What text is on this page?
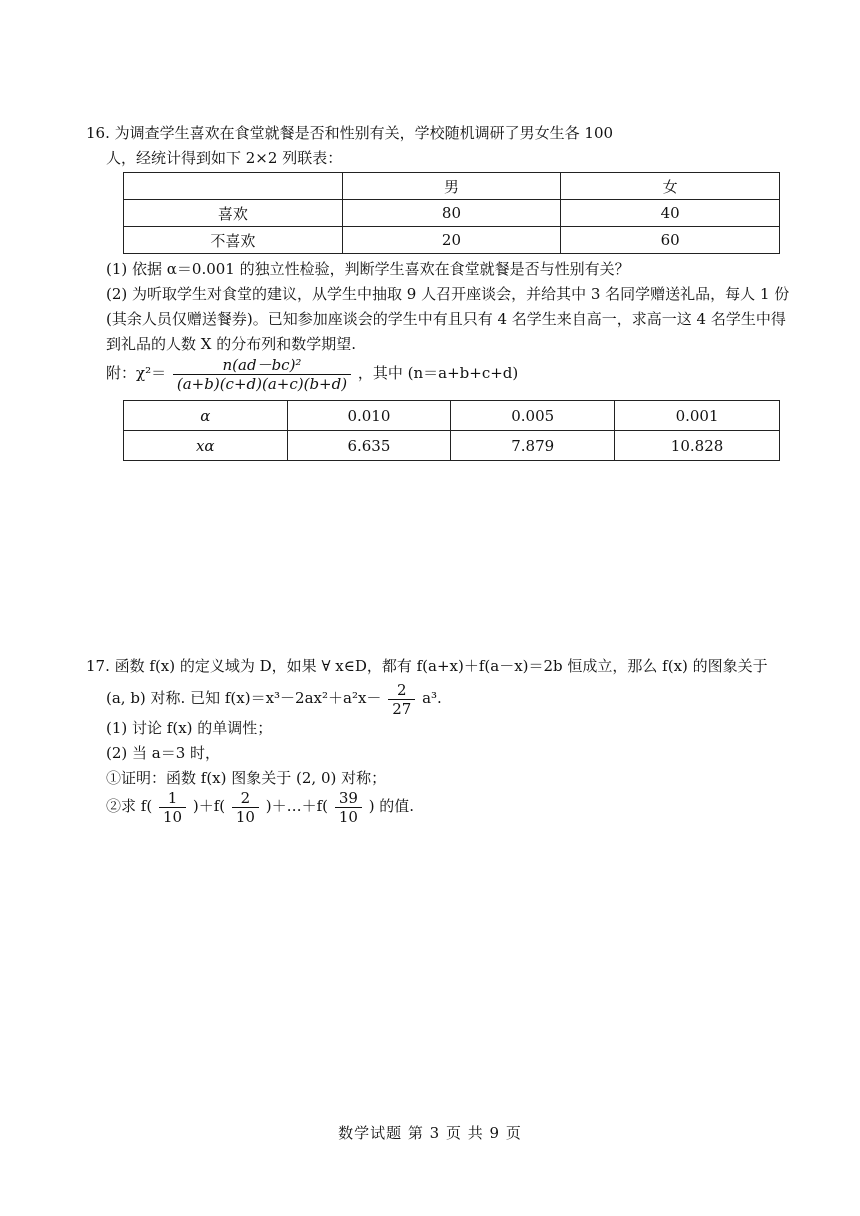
16. 为调查学生喜欢在食堂就餐是否和性别有关，学校随机调研了男女生各 100
人，经统计得到如下 2×2 列联表：
	男	女
喜欢	80	40
不喜欢	20	60
(1) 依据 α＝0.001 的独立性检验，判断学生喜欢在食堂就餐是否与性别有关？
(2) 为听取学生对食堂的建议，从学生中抽取 9 人召开座谈会，并给其中 3 名同学赠送礼品，每人 1 份
(其余人员仅赠送餐券)。已知参加座谈会的学生中有且只有 4 名学生来自高一，求高一这 4 名学生中得
到礼品的人数 X 的分布列和数学期望.
附：$\chi^2= \frac{\text{n(ad－bc)²}}{(a+b)(c+d)(a+c)(b+d)}$ ，其中 (n＝a+b+c+d)
α	0.010	0.005	0.001
xα	6.635	7.879	10.828
17. 函数 f(x) 的定义域为 D，如果 ∀ x∈D，都有 f(a+x)＋f(a－x)＝2b 恒成立，那么 f(x) 的图象关于
(a, b) 对称. 已知 $f(x)=x^3-2ax^2+a^2x- \frac{2}{27} a^3$.
(1) 讨论 f(x) 的单调性；
(2) 当 a＝3 时，
①证明：函数 f(x) 图象关于 (2, 0) 对称；
②求 $f( \frac{1}{10} )+f( \frac{2}{10}$ )＋…＋f( $\frac{39}{10}$ ) 的值.
数学试题 第 3 页 共 9 页
